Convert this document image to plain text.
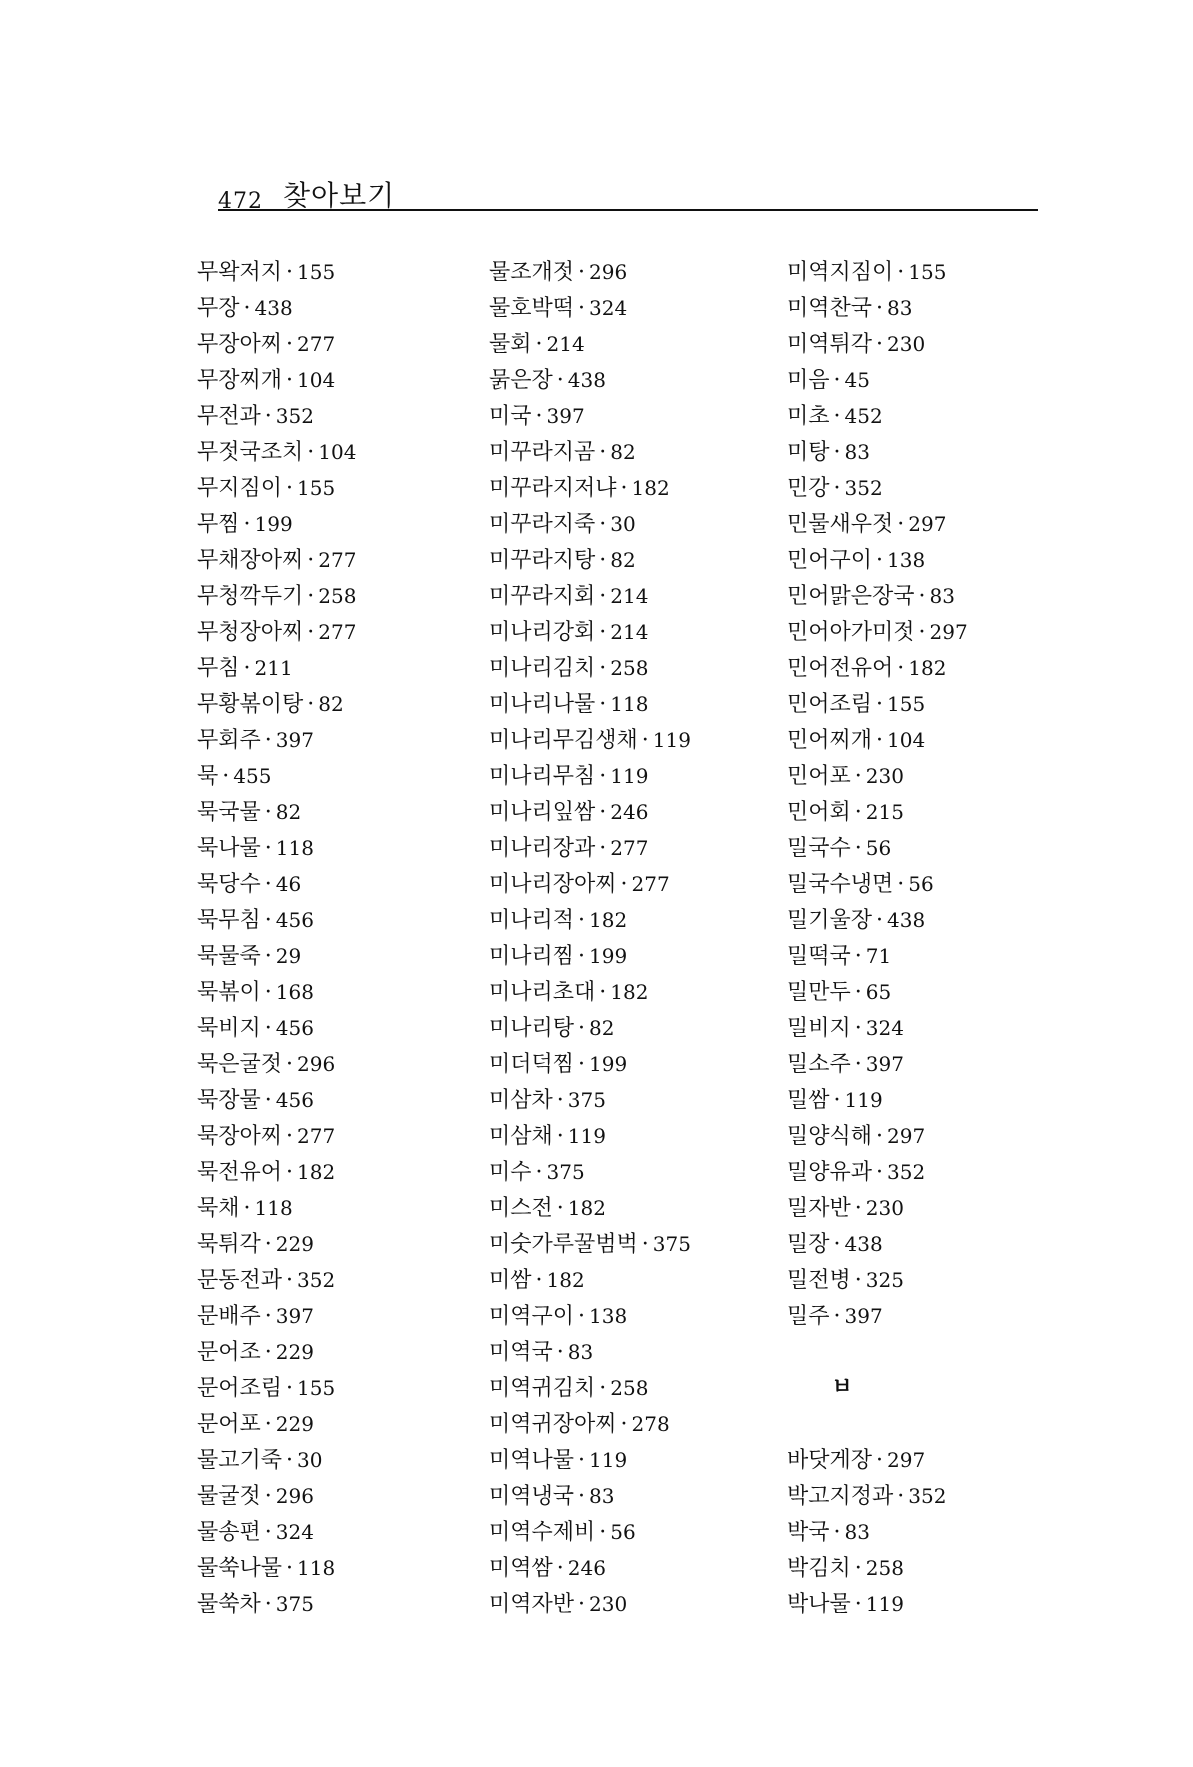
472 찾아보기
무왁저지 · 155
무장 · 438
무장아찌 · 277
무장찌개 · 104
무전과 · 352
무젓국조치 · 104
무지짐이 · 155
무찜 · 199
무채장아찌 · 277
무청깍두기 · 258
무청장아찌 · 277
무침 · 211
무황볶이탕 · 82
무회주 · 397
묵 · 455
묵국물 · 82
묵나물 · 118
묵당수 · 46
묵무침 · 456
묵물죽 · 29
묵볶이 · 168
묵비지 · 456
묵은굴젓 · 296
묵장물 · 456
묵장아찌 · 277
묵전유어 · 182
묵채 · 118
묵튀각 · 229
문동전과 · 352
문배주 · 397
문어조 · 229
문어조림 · 155
문어포 · 229
물고기죽 · 30
물굴젓 · 296
물송편 · 324
물쑥나물 · 118
물쑥차 · 375
물조개젓 · 296
물호박떡 · 324
물회 · 214
묽은장 · 438
미국 · 397
미꾸라지곰 · 82
미꾸라지저냐 · 182
미꾸라지죽 · 30
미꾸라지탕 · 82
미꾸라지회 · 214
미나리강회 · 214
미나리김치 · 258
미나리나물 · 118
미나리무김생채 · 119
미나리무침 · 119
미나리잎쌈 · 246
미나리장과 · 277
미나리장아찌 · 277
미나리적 · 182
미나리찜 · 199
미나리초대 · 182
미나리탕 · 82
미더덕찜 · 199
미삼차 · 375
미삼채 · 119
미수 · 375
미스전 · 182
미숫가루꿀범벅 · 375
미쌈 · 182
미역구이 · 138
미역국 · 83
미역귀김치 · 258
미역귀장아찌 · 278
미역나물 · 119
미역냉국 · 83
미역수제비 · 56
미역쌈 · 246
미역자반 · 230
미역지짐이 · 155
미역찬국 · 83
미역튀각 · 230
미음 · 45
미초 · 452
미탕 · 83
민강 · 352
민물새우젓 · 297
민어구이 · 138
민어맑은장국 · 83
민어아가미젓 · 297
민어전유어 · 182
민어조림 · 155
민어찌개 · 104
민어포 · 230
민어회 · 215
밀국수 · 56
밀국수냉면 · 56
밀기울장 · 438
밀떡국 · 71
밀만두 · 65
밀비지 · 324
밀소주 · 397
밀쌈 · 119
밀양식해 · 297
밀양유과 · 352
밀자반 · 230
밀장 · 438
밀전병 · 325
밀주 · 397
ㅂ
바닷게장 · 297
박고지정과 · 352
박국 · 83
박김치 · 258
박나물 · 119
